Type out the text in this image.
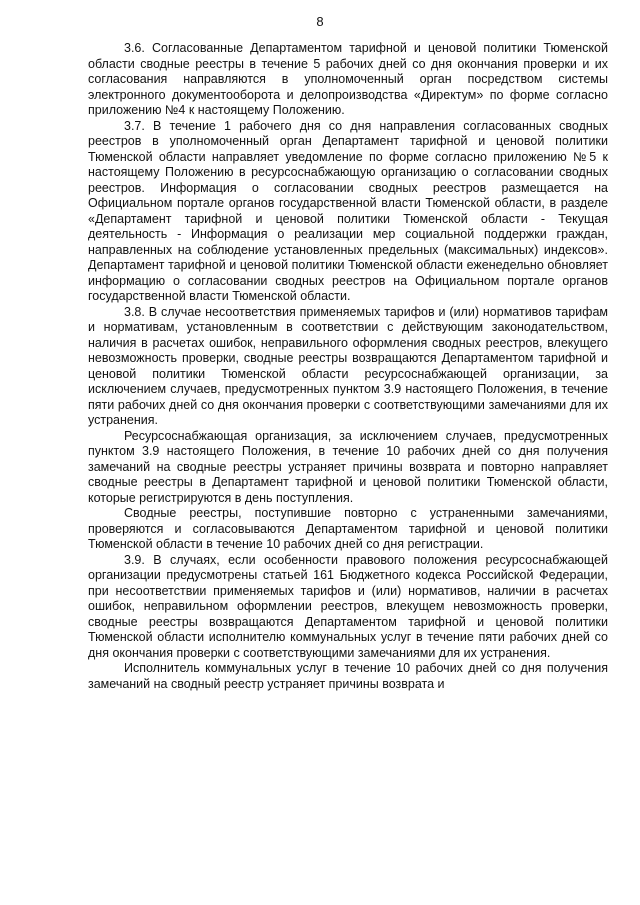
8

3.6. Согласованные Департаментом тарифной и ценовой политики Тюменской области сводные реестры в течение 5 рабочих дней со дня окончания проверки и их согласования направляются в уполномоченный орган посредством системы электронного документооборота и делопроизводства «Директум» по форме согласно приложению №4 к настоящему Положению.

3.7. В течение 1 рабочего дня со дня направления согласованных сводных реестров в уполномоченный орган Департамент тарифной и ценовой политики Тюменской области направляет уведомление по форме согласно приложению №5 к настоящему Положению в ресурсоснабжающую организацию о согласовании сводных реестров. Информация о согласовании сводных реестров размещается на Официальном портале органов государственной власти Тюменской области, в разделе «Департамент тарифной и ценовой политики Тюменской области - Текущая деятельность - Информация о реализации мер социальной поддержки граждан, направленных на соблюдение установленных предельных (максимальных) индексов». Департамент тарифной и ценовой политики Тюменской области еженедельно обновляет информацию о согласовании сводных реестров на Официальном портале органов государственной власти Тюменской области.

3.8. В случае несоответствия применяемых тарифов и (или) нормативов тарифам и нормативам, установленным в соответствии с действующим законодательством, наличия в расчетах ошибок, неправильного оформления сводных реестров, влекущего невозможность проверки, сводные реестры возвращаются Департаментом тарифной и ценовой политики Тюменской области ресурсоснабжающей организации, за исключением случаев, предусмотренных пунктом 3.9 настоящего Положения, в течение пяти рабочих дней со дня окончания проверки с соответствующими замечаниями для их устранения.

Ресурсоснабжающая организация, за исключением случаев, предусмотренных пунктом 3.9 настоящего Положения, в течение 10 рабочих дней со дня получения замечаний на сводные реестры устраняет причины возврата и повторно направляет сводные реестры в Департамент тарифной и ценовой политики Тюменской области, которые регистрируются в день поступления.

Сводные реестры, поступившие повторно с устраненными замечаниями, проверяются и согласовываются Департаментом тарифной и ценовой политики Тюменской области в течение 10 рабочих дней со дня регистрации.

3.9. В случаях, если особенности правового положения ресурсоснабжающей организации предусмотрены статьей 161 Бюджетного кодекса Российской Федерации, при несоответствии применяемых тарифов и (или) нормативов, наличии в расчетах ошибок, неправильном оформлении реестров, влекущем невозможность проверки, сводные реестры возвращаются Департаментом тарифной и ценовой политики Тюменской области исполнителю коммунальных услуг в течение пяти рабочих дней со дня окончания проверки с соответствующими замечаниями для их устранения.

Исполнитель коммунальных услуг в течение 10 рабочих дней со дня получения замечаний на сводный реестр устраняет причины возврата и
